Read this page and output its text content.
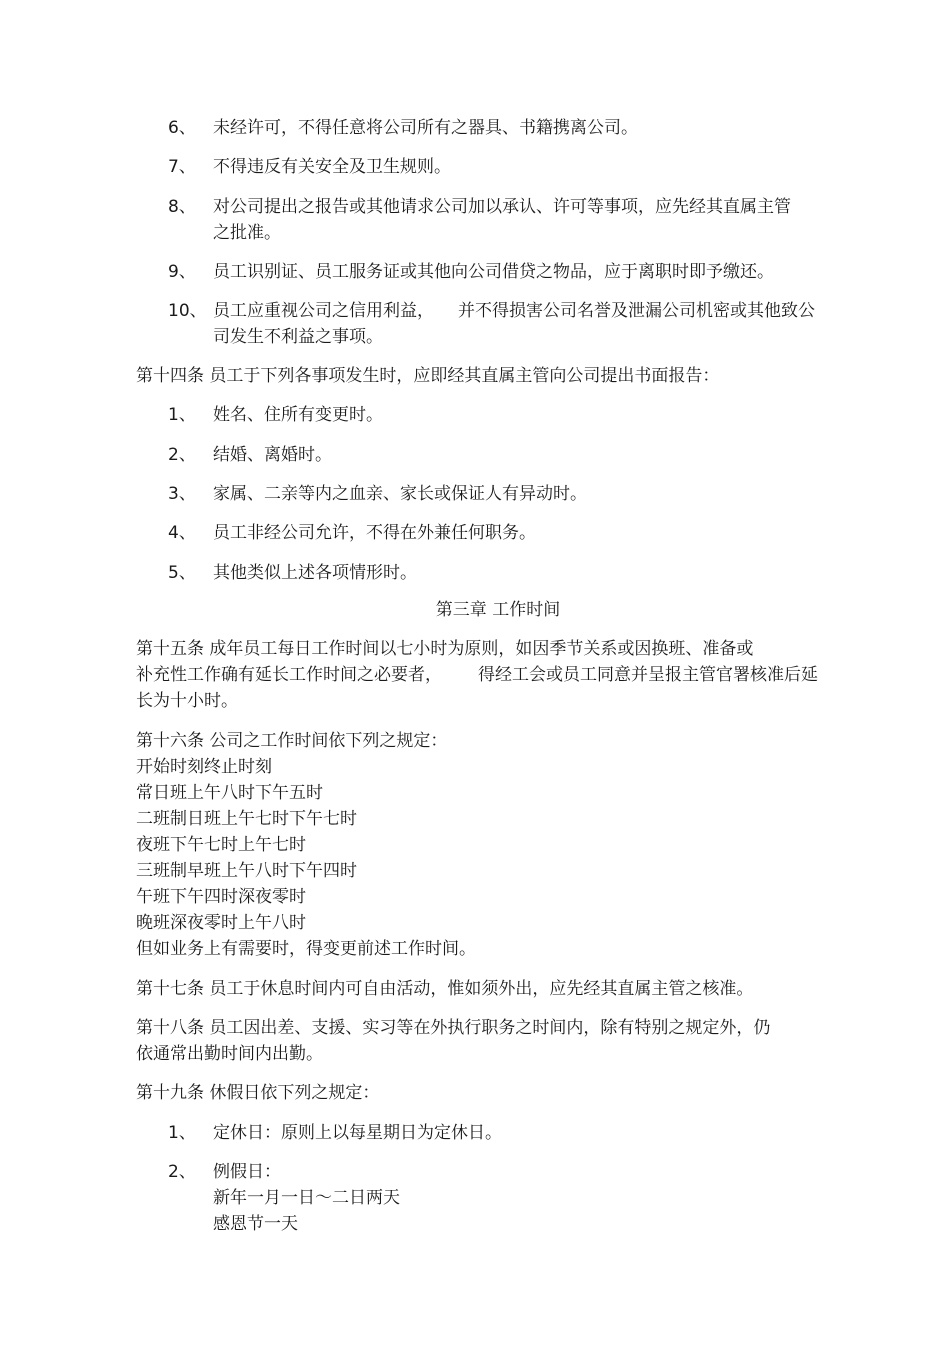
6、 未经许可，不得任意将公司所有之器具、书籍携离公司。
7、 不得违反有关安全及卫生规则。
8、 对公司提出之报告或其他请求公司加以承认、许可等事项，应先经其直属主管
之批准。
9、 员工识别证、员工服务证或其他向公司借贷之物品，应于离职时即予缴还。
10、 员工应重视公司之信用利益， 并不得损害公司名誉及泄漏公司机密或其他致公
司发生不利益之事项。
第十四条 员工于下列各事项发生时，应即经其直属主管向公司提出书面报告：
1、 姓名、住所有变更时。
2、 结婚、离婚时。
3、 家属、二亲等内之血亲、家长或保证人有异动时。
4、 员工非经公司允许，不得在外兼任何职务。
5、 其他类似上述各项情形时。
第三章 工作时间
第十五条 成年员工每日工作时间以七小时为原则，如因季节关系或因换班、准备或
补充性工作确有延长工作时间之必要者， 得经工会或员工同意并呈报主管官署核准后延
长为十小时。
第十六条 公司之工作时间依下列之规定：
开始时刻终止时刻
常日班上午八时下午五时
二班制日班上午七时下午七时
夜班下午七时上午七时
三班制早班上午八时下午四时
午班下午四时深夜零时
晚班深夜零时上午八时
但如业务上有需要时，得变更前述工作时间。
第十七条 员工于休息时间内可自由活动，惟如须外出，应先经其直属主管之核准。
第十八条 员工因出差、支援、实习等在外执行职务之时间内，除有特别之规定外，仍
依通常出勤时间内出勤。
第十九条 休假日依下列之规定：
1、 定休日：原则上以每星期日为定休日。
2、 例假日：
新年一月一日～二日两天
感恩节一天
